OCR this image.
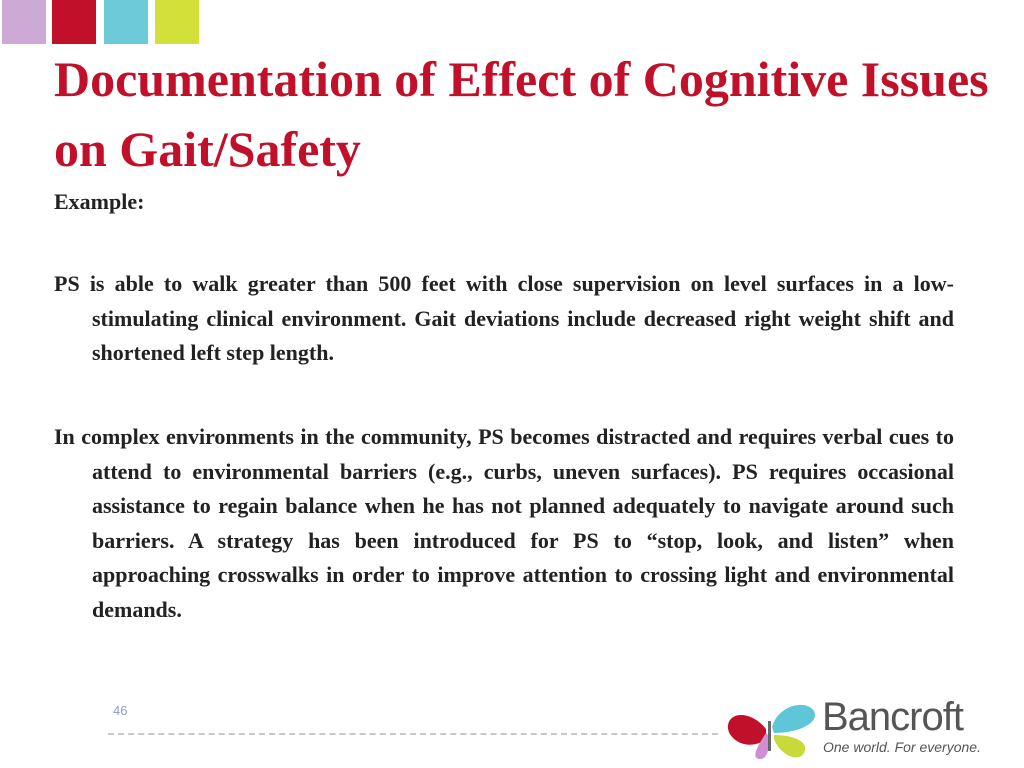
Documentation of Effect of Cognitive Issues on Gait/Safety
Example:
PS is able to walk greater than 500 feet with close supervision on level surfaces in a low-stimulating clinical environment. Gait deviations include decreased right weight shift and shortened left step length.
In complex environments in the community, PS becomes distracted and requires verbal cues to attend to environmental barriers (e.g., curbs, uneven surfaces). PS requires occasional assistance to regain balance when he has not planned adequately to navigate around such barriers. A strategy has been introduced for PS to “stop, look, and listen” when approaching crosswalks in order to improve attention to crossing light and environmental demands.
46	Bancroft
One world. For everyone.
